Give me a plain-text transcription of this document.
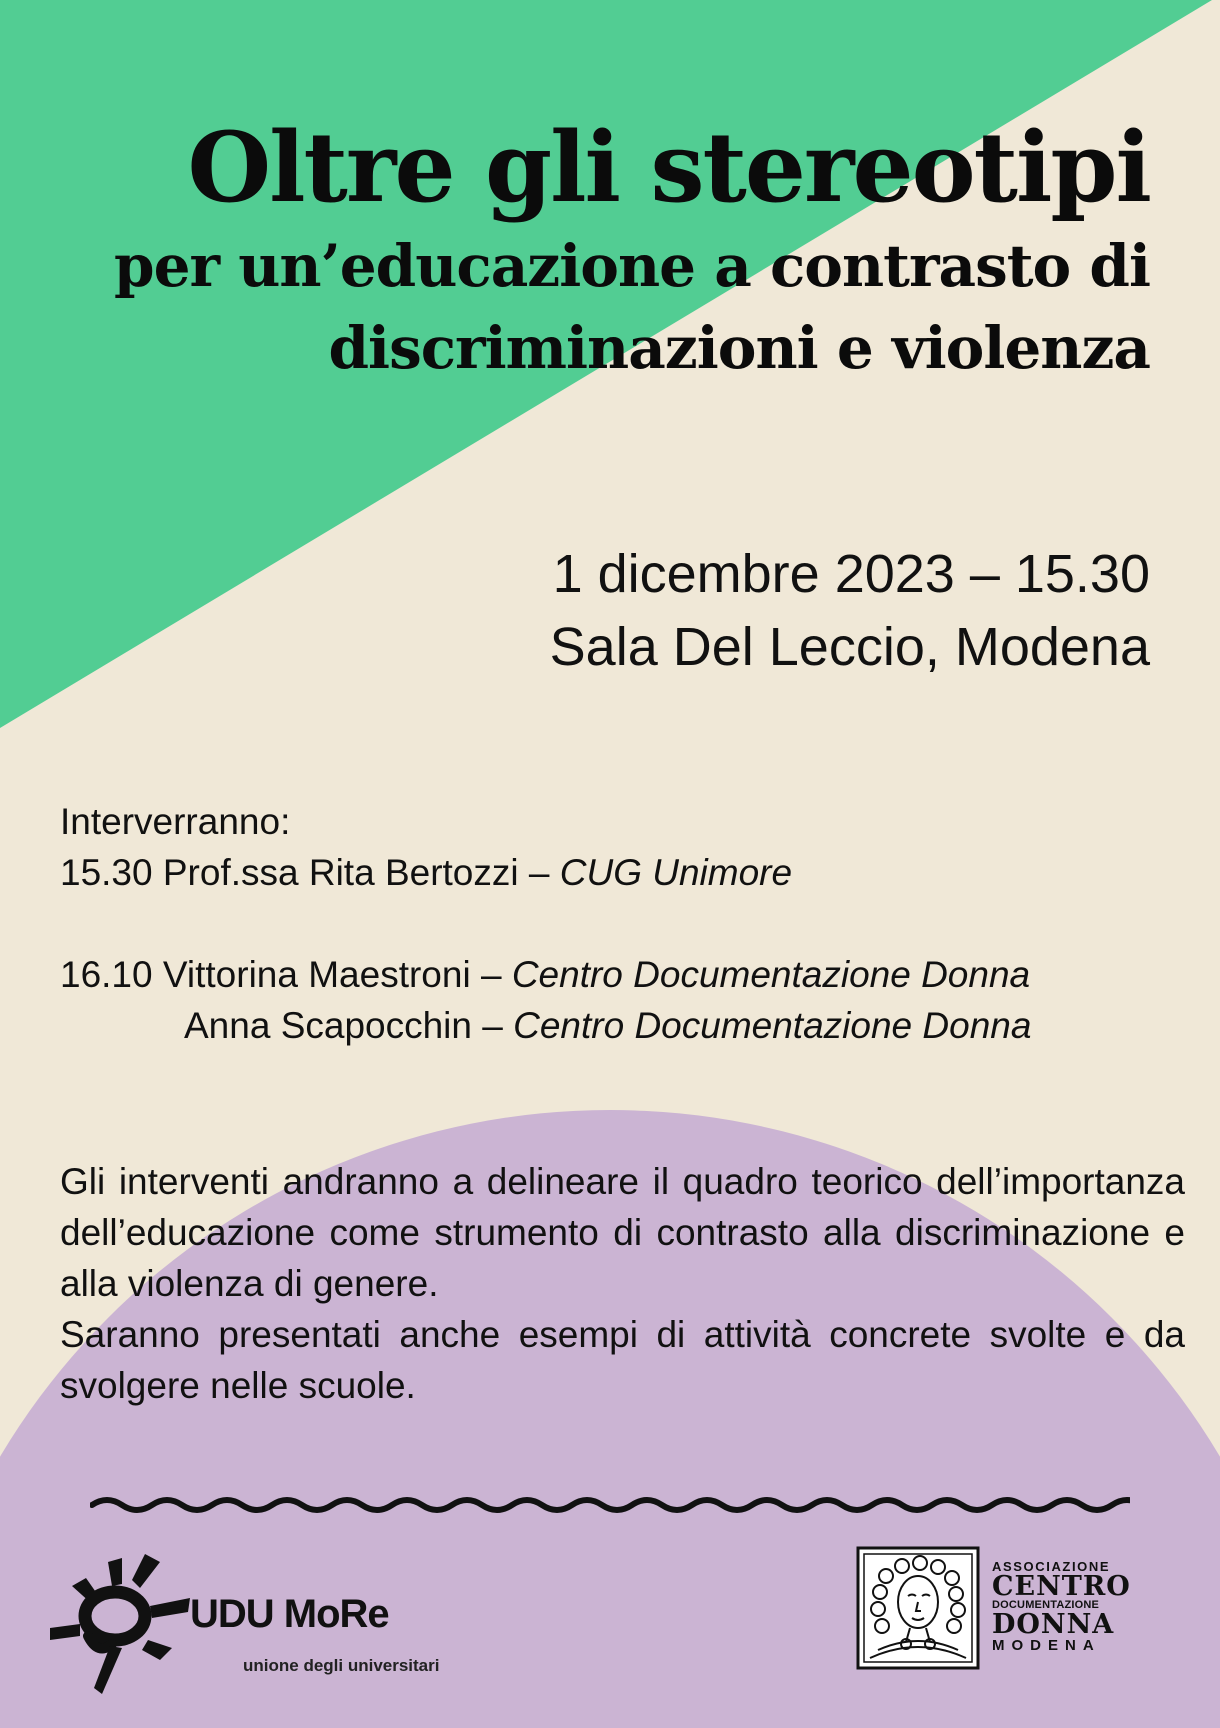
Oltre gli stereotipi
per un’educazione a contrasto di
discriminazioni e violenza
1 dicembre 2023 – 15.30
Sala Del Leccio, Modena
Interverranno:
15.30 Prof.ssa Rita Bertozzi – CUG Unimore
16.10 Vittorina Maestroni – Centro Documentazione Donna
Anna Scapocchin – Centro Documentazione Donna

Gli interventi andranno a delineare il quadro teorico dell’importanza dell’educazione come strumento di contrasto alla discriminazione e alla violenza di genere.

Saranno presentati anche esempi di attività concrete svolte e da svolgere nelle scuole.

UDU MoRe
unione degli universitari
ASSOCIAZIONE
CENTRO
DOCUMENTAZIONE
DONNA
MODENA
